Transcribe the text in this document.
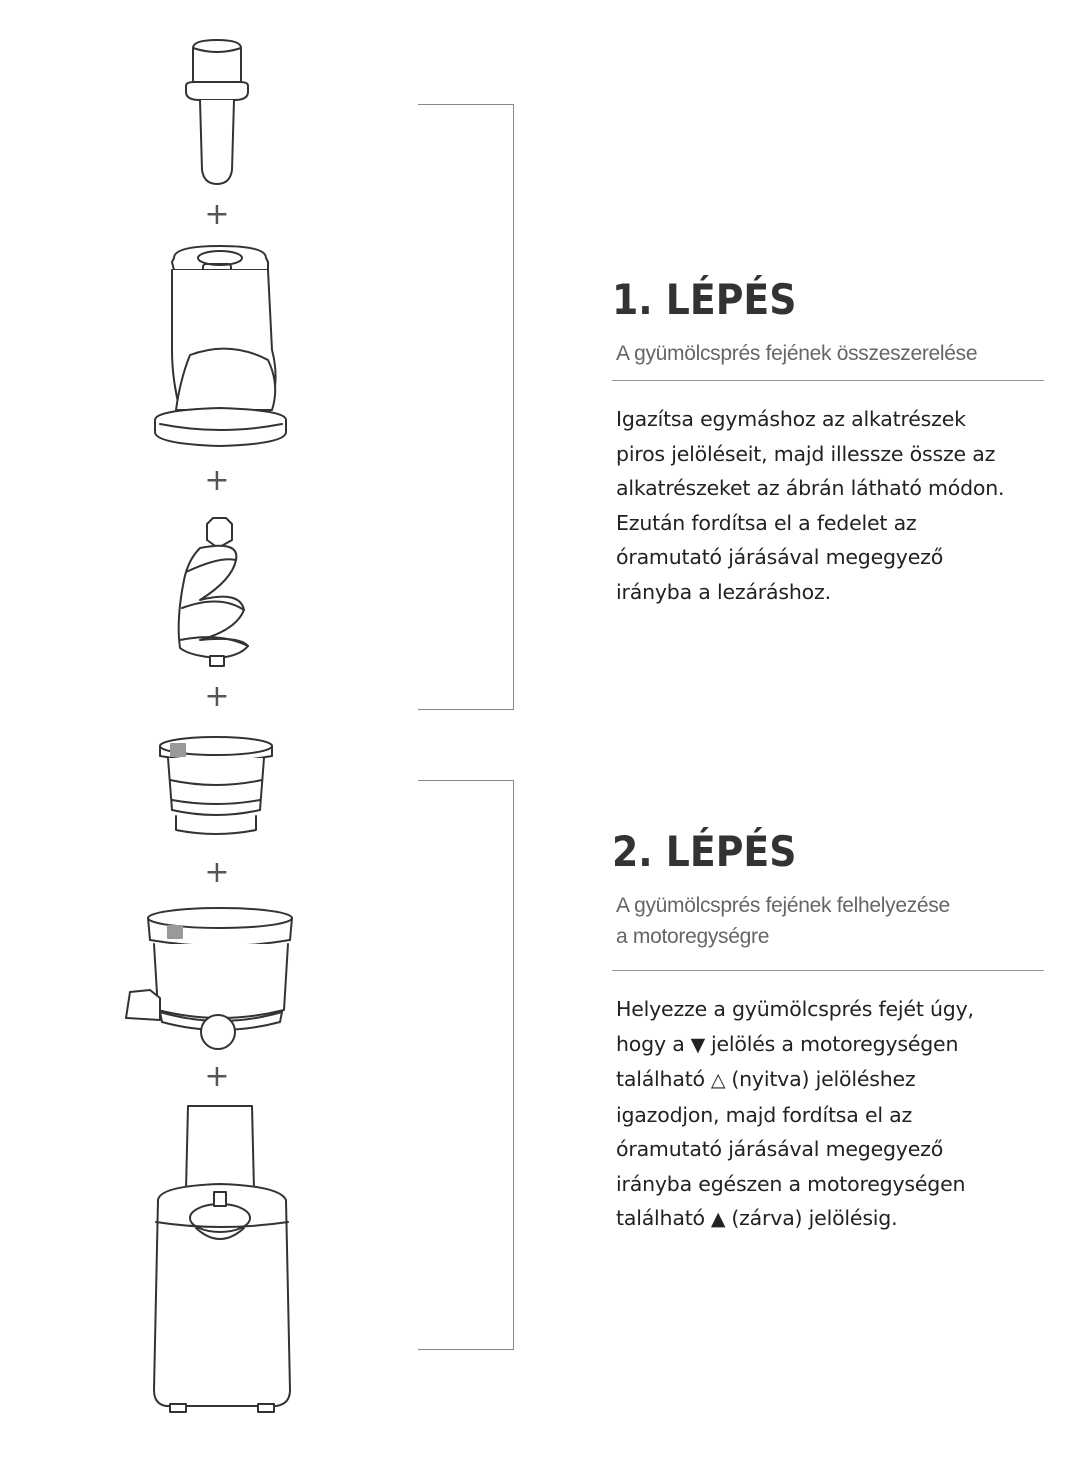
+
+
+
+
+
1. LÉPÉS
A gyümölcsprés fejének összeszerelése

Igazítsa egymáshoz az alkatrészek

piros jelöléseit, majd illessze össze az

alkatrészeket az ábrán látható módon.

Ezután fordítsa el a fedelet az

óramutató járásával megegyező

irányba a lezáráshoz.

2. LÉPÉS
A gyümölcsprés fejének felhelyezése
a motoregységre

Helyezze a gyümölcsprés fejét úgy,

hogy a ▼ jelölés a motoregységen

található △ (nyitva) jelöléshez

igazodjon, majd fordítsa el az

óramutató járásával megegyező

irányba egészen a motoregységen

található ▲ (zárva) jelölésig.
